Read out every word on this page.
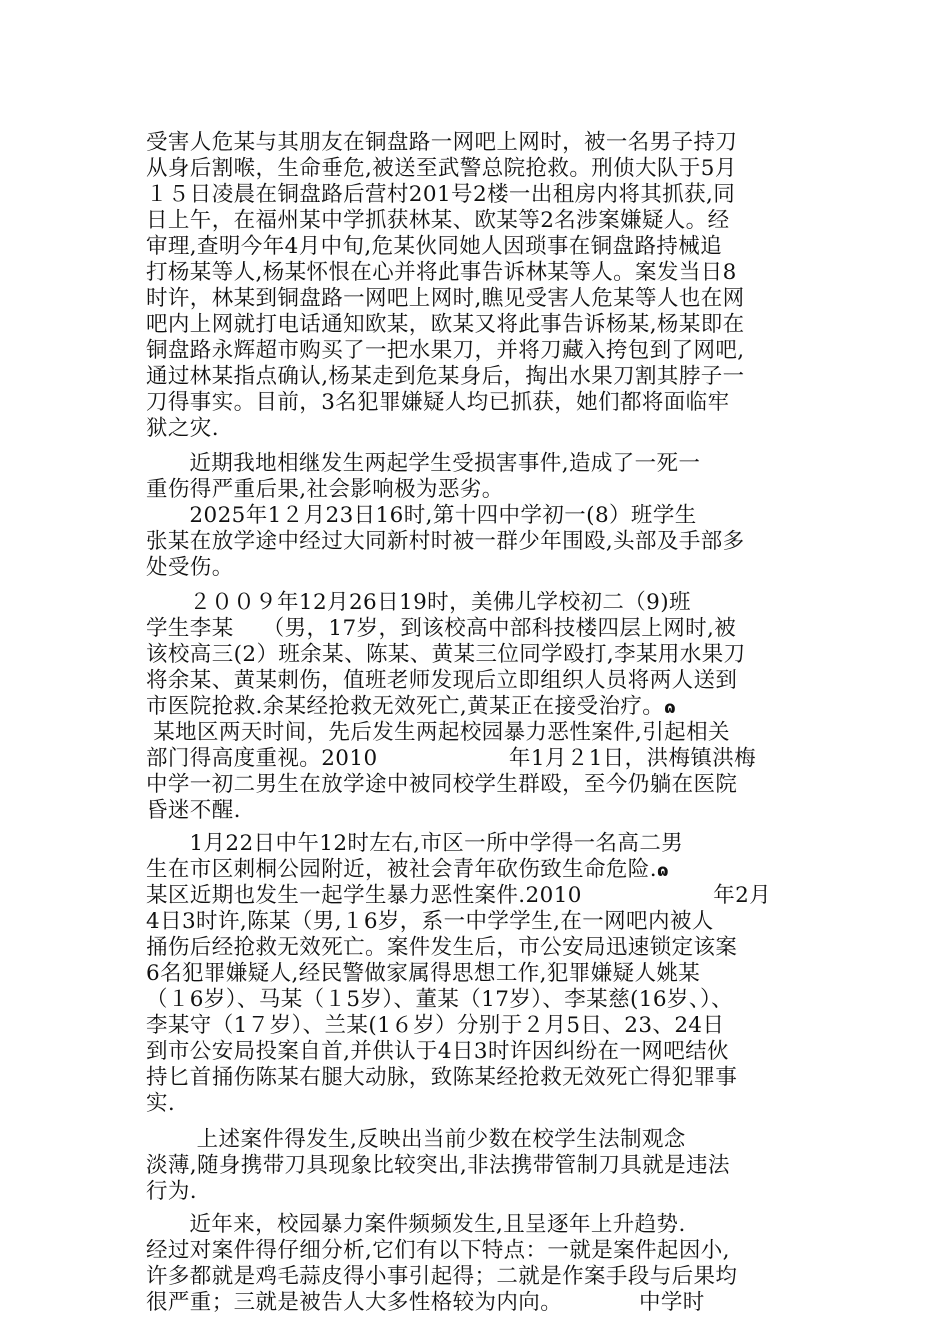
受害人危某与其朋友在铜盘路一网吧上网时，被一名男子持刀
从身后割喉，生命垂危,被送至武警总院抢救。刑侦大队于5月
１５日凌晨在铜盘路后营村201号2楼一出租房内将其抓获,同
日上午，在福州某中学抓获林某、欧某等2名涉案嫌疑人。经
审理,查明今年4月中旬,危某伙同她人因琐事在铜盘路持械追
打杨某等人,杨某怀恨在心并将此事告诉林某等人。案发当日8
时许，林某到铜盘路一网吧上网时,瞧见受害人危某等人也在网
吧内上网就打电话通知欧某，欧某又将此事告诉杨某,杨某即在
铜盘路永辉超市购买了一把水果刀，并将刀藏入挎包到了网吧,
通过林某指点确认,杨某走到危某身后，掏出水果刀割其脖子一
刀得事实。目前，3名犯罪嫌疑人均已抓获，她们都将面临牢
狱之灾.
近期我地相继发生两起学生受损害事件,造成了一死一
重伤得严重后果,社会影响极为恶劣。
2025年1２月23日16时,第十四中学初一(8）班学生
张某在放学途中经过大同新村时被一群少年围殴,头部及手部多
处受伤。
２００９年12月26日19时，美佛儿学校初二（9)班
学生李某　 （男，17岁，到该校高中部科技楼四层上网时,被
该校高三(2）班余某、陈某、黄某三位同学殴打,李某用水果刀
将余某、黄某刺伤，值班老师发现后立即组织人员将两人送到
市医院抢救.余某经抢救无效死亡,黄某正在接受治疗。ɷ
某地区两天时间，先后发生两起校园暴力恶性案件,引起相关
部门得高度重视。2010　　　　　　年1月２1日，洪梅镇洪梅
中学一初二男生在放学途中被同校学生群殴，至今仍躺在医院
昏迷不醒.
1月22日中午12时左右,市区一所中学得一名高二男
生在市区刺桐公园附近，被社会青年砍伤致生命危险.ɷ
某区近期也发生一起学生暴力恶性案件.2010　　　　　　年2月
4日3时许,陈某（男,１6岁，系一中学学生,在一网吧内被人
捅伤后经抢救无效死亡。案件发生后，市公安局迅速锁定该案
6名犯罪嫌疑人,经民警做家属得思想工作,犯罪嫌疑人姚某
（１6岁）、马某（１5岁）、董某（17岁）、李某慈(16岁、）、
李某守（1７岁）、兰某(1６岁）分别于２月5日、23、24日
到市公安局投案自首,并供认于4日3时许因纠纷在一网吧结伙
持匕首捅伤陈某右腿大动脉，致陈某经抢救无效死亡得犯罪事
实.
上述案件得发生,反映出当前少数在校学生法制观念
淡薄,随身携带刀具现象比较突出,非法携带管制刀具就是违法
行为.
近年来，校园暴力案件频频发生,且呈逐年上升趋势.
经过对案件得仔细分析,它们有以下特点：一就是案件起因小,
许多都就是鸡毛蒜皮得小事引起得；二就是作案手段与后果均
很严重；三就是被告人大多性格较为内向。　　　　中学时
